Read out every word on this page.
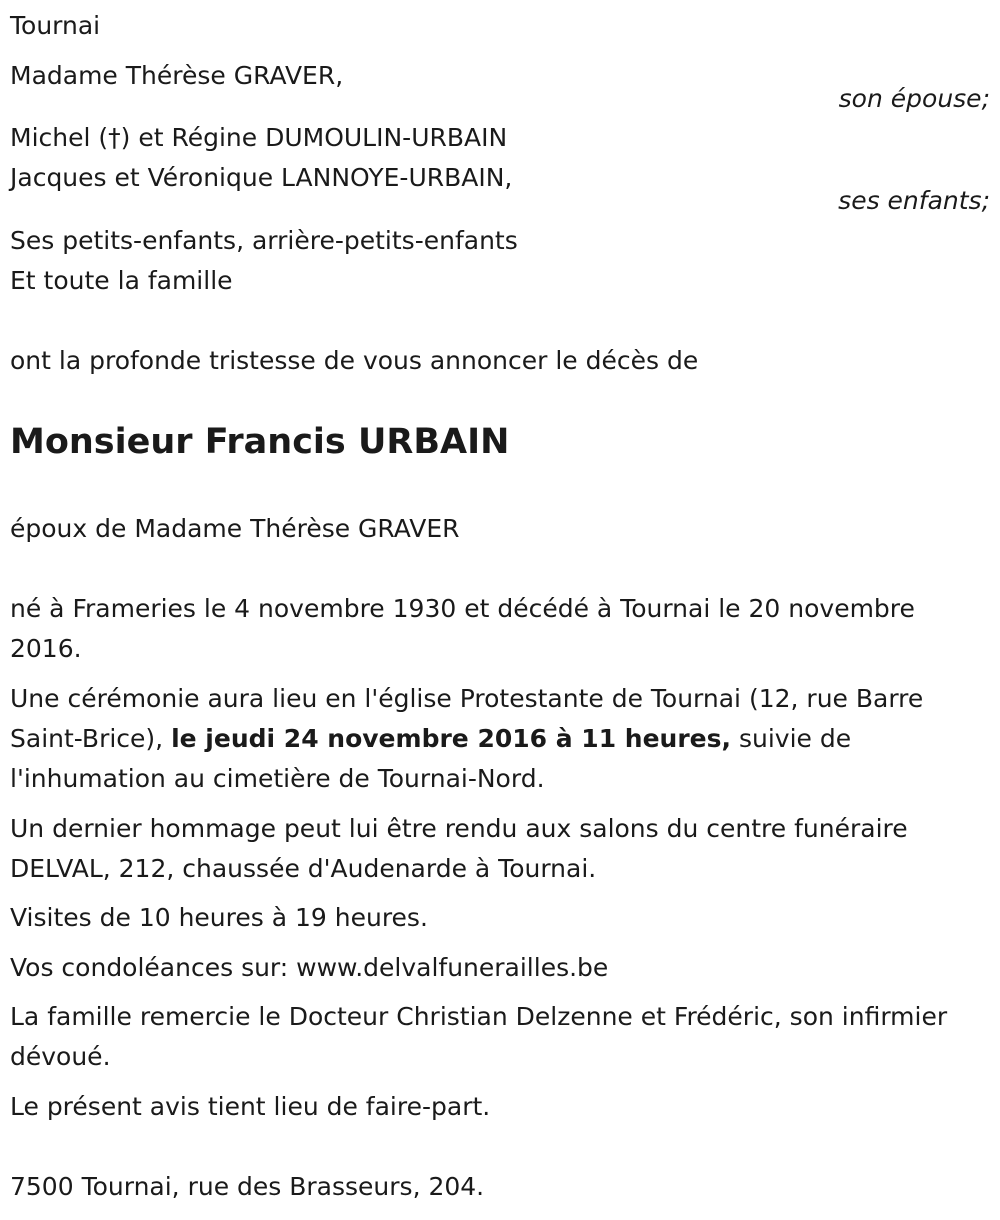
Tournai
Madame Thérèse GRAVER,
son épouse;
Michel (†) et Régine DUMOULIN-URBAIN
Jacques et Véronique LANNOYE-URBAIN,
ses enfants;
Ses petits-enfants, arrière-petits-enfants
Et toute la famille
ont la profonde tristesse de vous annoncer le décès de
Monsieur Francis URBAIN
époux de Madame Thérèse GRAVER
né à Frameries le 4 novembre 1930 et décédé à Tournai le 20 novembre 2016.
Une cérémonie aura lieu en l'église Protestante de Tournai (12, rue Barre Saint-Brice), le jeudi 24 novembre 2016 à 11 heures, suivie de l'inhumation au cimetière de Tournai-Nord.
Un dernier hommage peut lui être rendu aux salons du centre funéraire DELVAL, 212, chaussée d'Audenarde à Tournai.
Visites de 10 heures à 19 heures.
Vos condoléances sur: www.delvalfunerailles.be
La famille remercie le Docteur Christian Delzenne et Frédéric, son infirmier dévoué.
Le présent avis tient lieu de faire-part.
7500 Tournai, rue des Brasseurs, 204.
